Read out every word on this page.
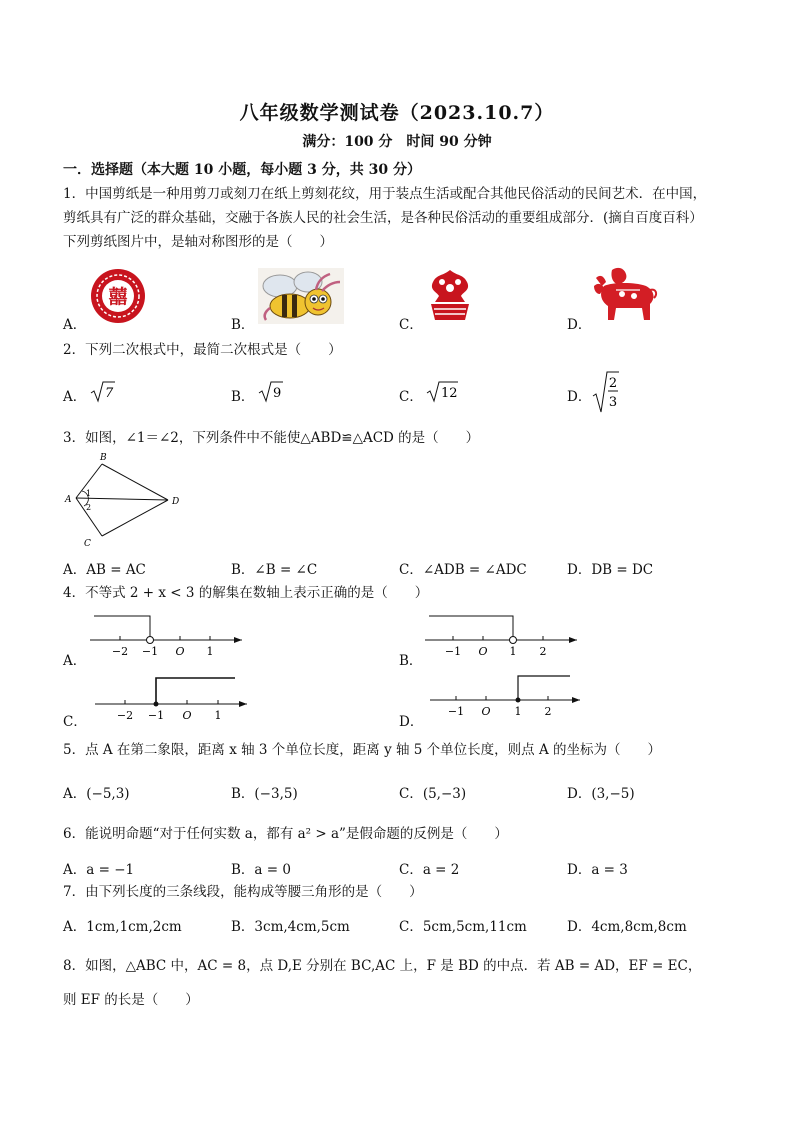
八年级数学测试卷（2023.10.7）
满分：100 分　时间 90 分钟
一．选择题（本大题 10 小题，每小题 3 分，共 30 分）
1．中国剪纸是一种用剪刀或刻刀在纸上剪刻花纹，用于装点生活或配合其他民俗活动的民间艺术．在中国，
剪纸具有广泛的群众基础，交融于各族人民的社会生活，是各种民俗活动的重要组成部分．(摘自百度百科）
下列剪纸图片中，是轴对称图形的是（　　）
A．	B．	C．	D．
囍
2．下列二次根式中，最简二次根式是（　　）
A． 7	B． 9	C． 12	D．
2
3
3．如图，∠1＝∠2，下列条件中不能使△ABD≌△ACD 的是（　　）
B
A
C
D
1
2
A．AB = AC	B．∠B = ∠C	C．∠ADB = ∠ADC	D．DB = DC
4．不等式 2 + x < 3 的解集在数轴上表示正确的是（　　）
A．
−2 −1 O 1
B．
−1 O 1 2
C．	−2 −1 O 1	D．
−1 O 1 2
5．点 A 在第二象限，距离 x 轴 3 个单位长度，距离 y 轴 5 个单位长度，则点 A 的坐标为（　　）
A．(−5,3)	B．(−3,5)	C．(5,−3)	D．(3,−5)
6．能说明命题“对于任何实数 a，都有 a² > a”是假命题的反例是（　　）
A．a = −1	B．a = 0	C．a = 2	D．a = 3
7．由下列长度的三条线段，能构成等腰三角形的是（　　）
A．1cm,1cm,2cm	B．3cm,4cm,5cm	C．5cm,5cm,11cm	D．4cm,8cm,8cm
8．如图，△ABC 中，AC = 8，点 D,E 分别在 BC,AC 上，F 是 BD 的中点．若 AB = AD，EF = EC，
则 EF 的长是（　　）
